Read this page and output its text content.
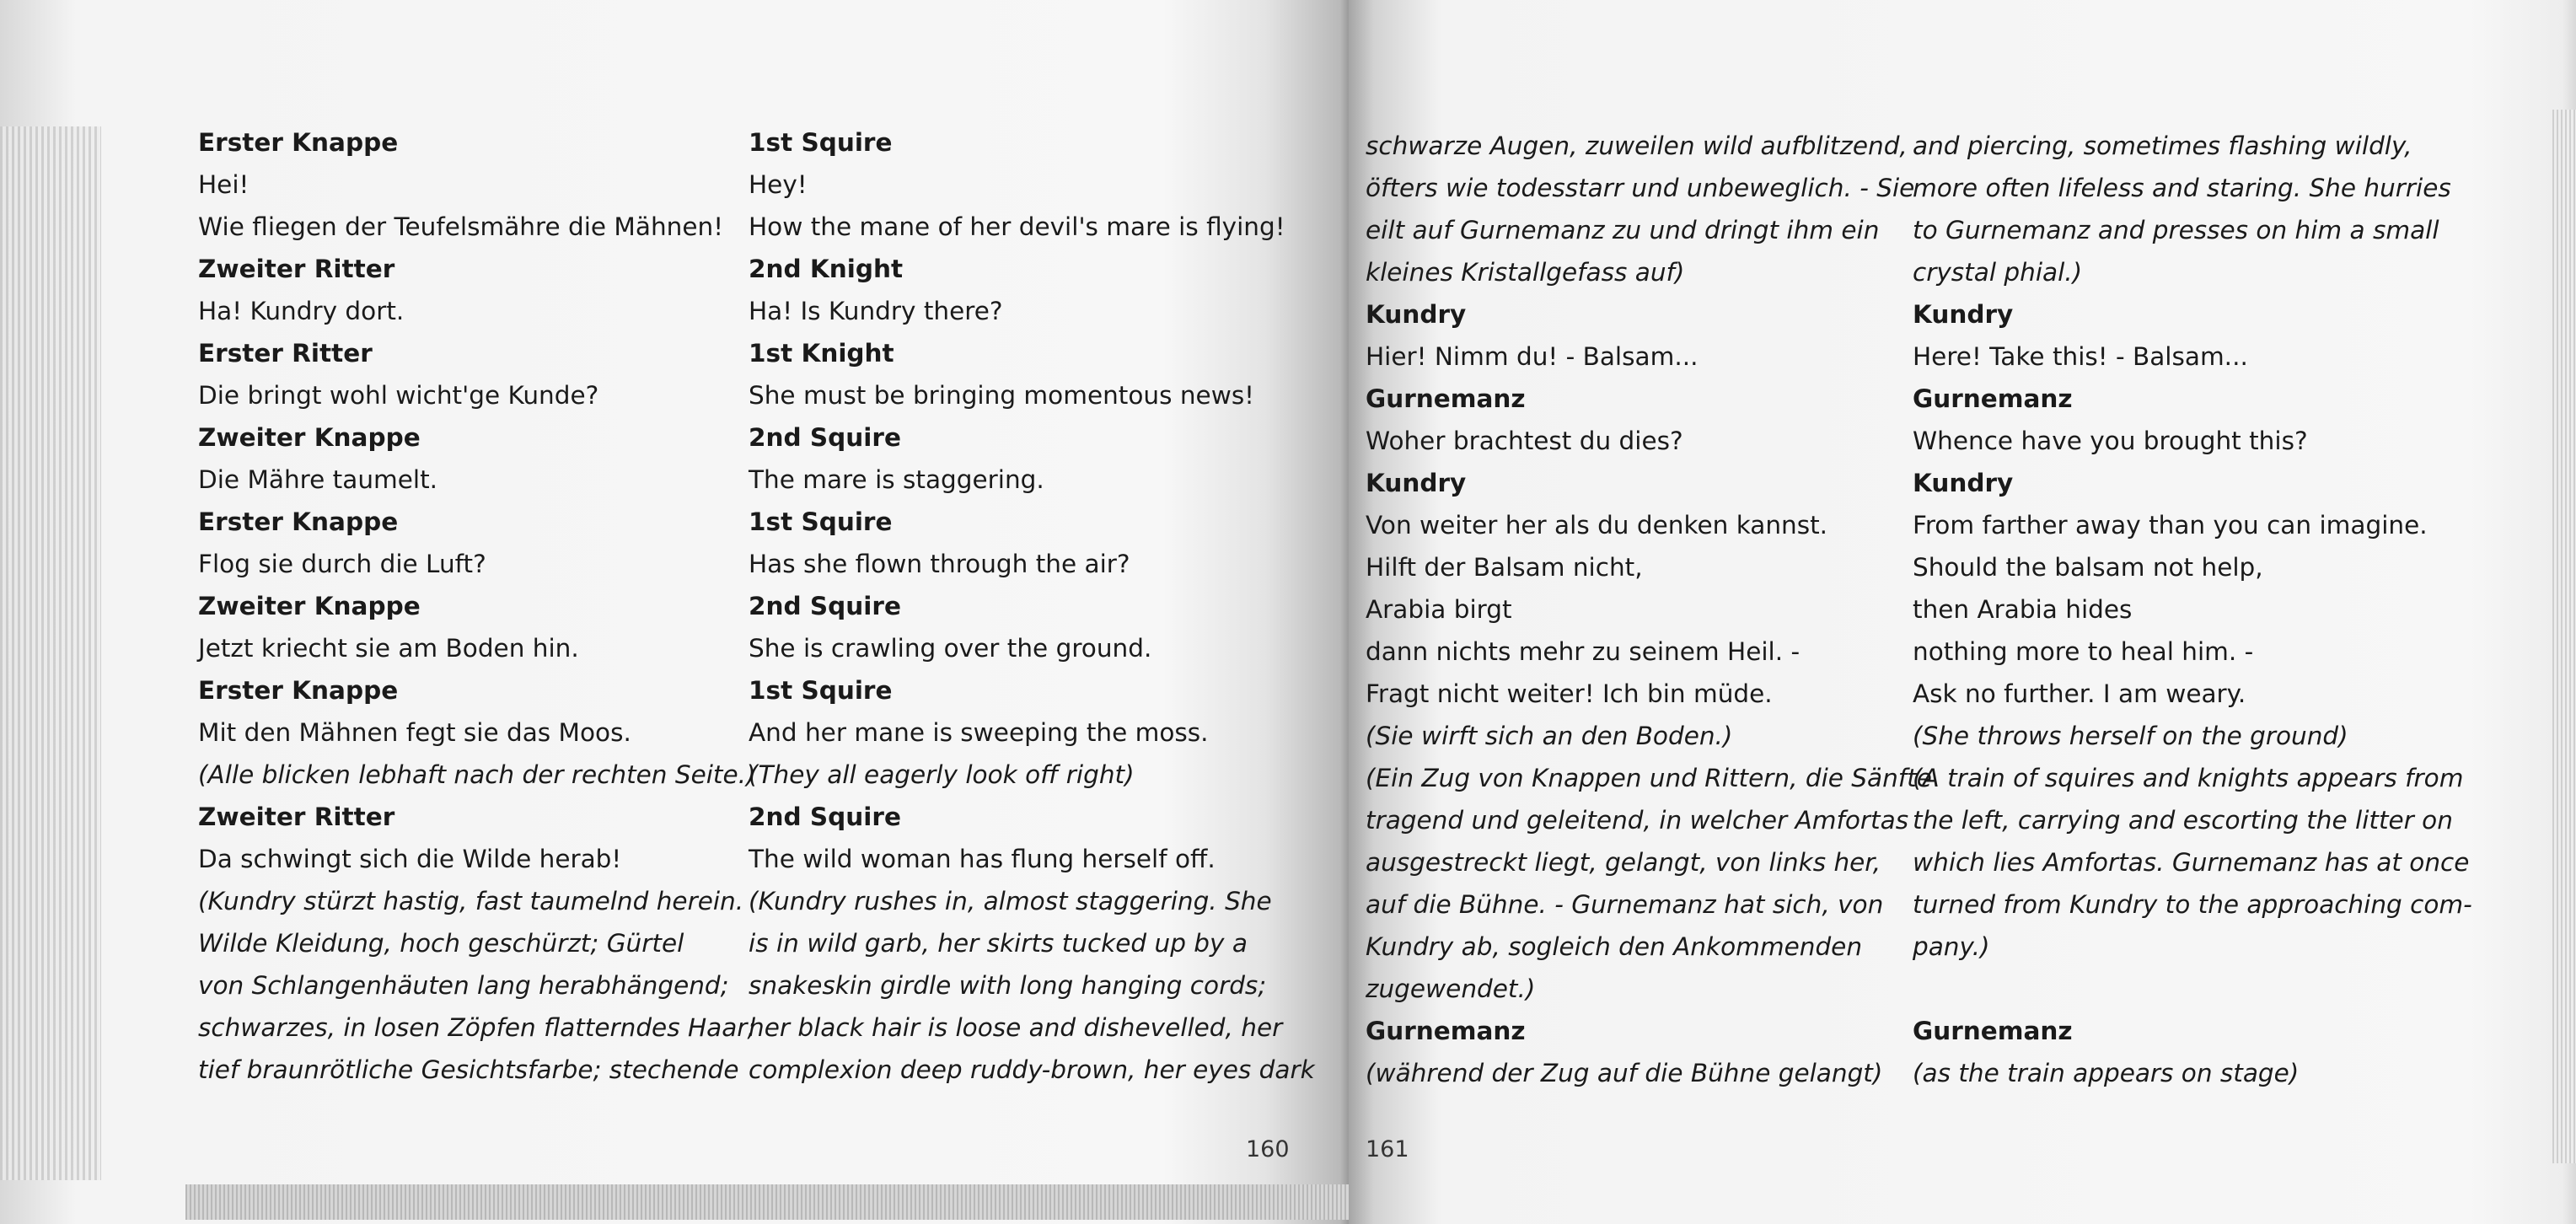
Erster Knappe
Hei!
Wie fliegen der Teufelsmähre die Mähnen!
Zweiter Ritter
Ha! Kundry dort.
Erster Ritter
Die bringt wohl wicht'ge Kunde?
Zweiter Knappe
Die Mähre taumelt.
Erster Knappe
Flog sie durch die Luft?
Zweiter Knappe
Jetzt kriecht sie am Boden hin.
Erster Knappe
Mit den Mähnen fegt sie das Moos.
(Alle blicken lebhaft nach der rechten Seite.)
Zweiter Ritter
Da schwingt sich die Wilde herab!
(Kundry stürzt hastig, fast taumelnd herein.
Wilde Kleidung, hoch geschürzt; Gürtel
von Schlangenhäuten lang herabhängend;
schwarzes, in losen Zöpfen flatterndes Haar;
tief braunrötliche Gesichtsfarbe; stechende
1st Squire
Hey!
How the mane of her devil's mare is flying!
2nd Knight
Ha! Is Kundry there?
1st Knight
She must be bringing momentous news!
2nd Squire
The mare is staggering.
1st Squire
Has she flown through the air?
2nd Squire
She is crawling over the ground.
1st Squire
And her mane is sweeping the moss.
(They all eagerly look off right)
2nd Squire
The wild woman has flung herself off.
(Kundry rushes in, almost staggering. She
is in wild garb, her skirts tucked up by a
snakeskin girdle with long hanging cords;
her black hair is loose and dishevelled, her
complexion deep ruddy-brown, her eyes dark
160
schwarze Augen, zuweilen wild aufblitzend,
öfters wie todesstarr und unbeweglich. - Sie
eilt auf Gurnemanz zu und dringt ihm ein
kleines Kristallgefass auf)
Kundry
Hier! Nimm du! - Balsam...
Gurnemanz
Woher brachtest du dies?
Kundry
Von weiter her als du denken kannst.
Hilft der Balsam nicht,
Arabia birgt
dann nichts mehr zu seinem Heil. -
Fragt nicht weiter! Ich bin müde.
(Sie wirft sich an den Boden.)
(Ein Zug von Knappen und Rittern, die Sänfte
tragend und geleitend, in welcher Amfortas
ausgestreckt liegt, gelangt, von links her,
auf die Bühne. - Gurnemanz hat sich, von
Kundry ab, sogleich den Ankommenden
zugewendet.)
Gurnemanz
(während der Zug auf die Bühne gelangt)
and piercing, sometimes flashing wildly,
more often lifeless and staring. She hurries
to Gurnemanz and presses on him a small
crystal phial.)
Kundry
Here! Take this! - Balsam...
Gurnemanz
Whence have you brought this?
Kundry
From farther away than you can imagine.
Should the balsam not help,
then Arabia hides
nothing more to heal him. -
Ask no further. I am weary.
(She throws herself on the ground)
(A train of squires and knights appears from
the left, carrying and escorting the litter on
which lies Amfortas. Gurnemanz has at once
turned from Kundry to the approaching com-
pany.)
Gurnemanz
(as the train appears on stage)
161
